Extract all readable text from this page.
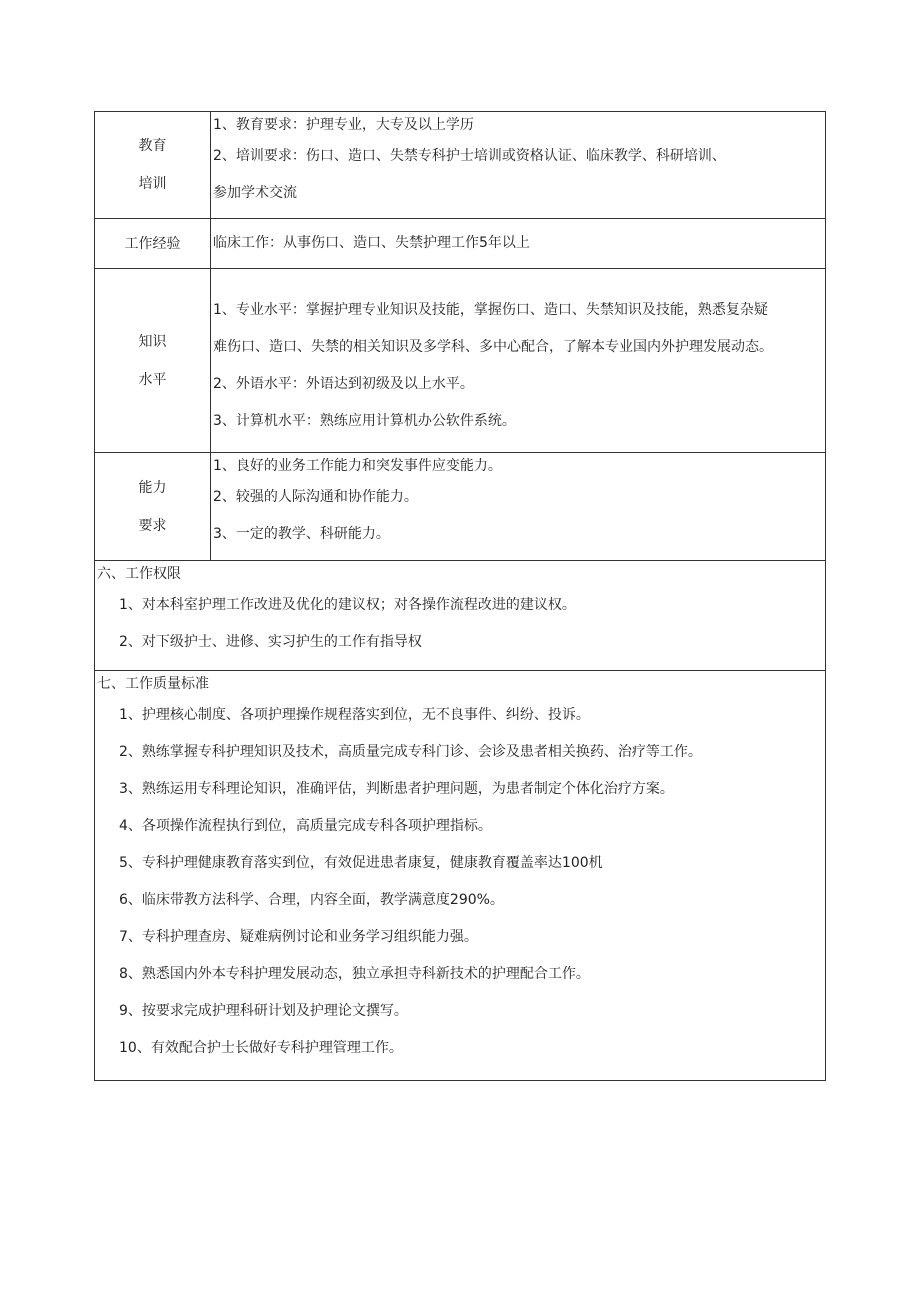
教育
培训
1、教育要求：护理专业，大专及以上学历
2、培训要求：伤口、造口、失禁专科护士培训或资格认证、临床教学、科研培训、
参加学术交流
工作经验 临床工作：从事伤口、造口、失禁护理工作5年以上
知识
水平
1、专业水平：掌握护理专业知识及技能，掌握伤口、造口、失禁知识及技能，熟悉复杂疑
难伤口、造口、失禁的相关知识及多学科、多中心配合，了解本专业国内外护理发展动态。
2、外语水平：外语达到初级及以上水平。
3、计算机水平：熟练应用计算机办公软件系统。
能力
要求
1、良好的业务工作能力和突发事件应变能力。
2、较强的人际沟通和协作能力。
3、一定的教学、科研能力。
六、工作权限
1、对本科室护理工作改进及优化的建议权；对各操作流程改进的建议权。
2、对下级护士、进修、实习护生的工作有指导权
七、工作质量标准
1、护理核心制度、各项护理操作规程落实到位，无不良事件、纠纷、投诉。
2、熟练掌握专科护理知识及技术，高质量完成专科门诊、会诊及患者相关换药、治疗等工作。
3、熟练运用专科理论知识，准确评估，判断患者护理问题，为患者制定个体化治疗方案。
4、各项操作流程执行到位，高质量完成专科各项护理指标。
5、专科护理健康教育落实到位，有效促进患者康复，健康教育覆盖率达100机
6、临床带教方法科学、合理，内容全面，教学满意度290%。
7、专科护理查房、疑难病例讨论和业务学习组织能力强。
8、熟悉国内外本专科护理发展动态，独立承担寺科新技术的护理配合工作。
9、按要求完成护理科研计划及护理论文撰写。
10、有效配合护士长做好专科护理管理工作。
